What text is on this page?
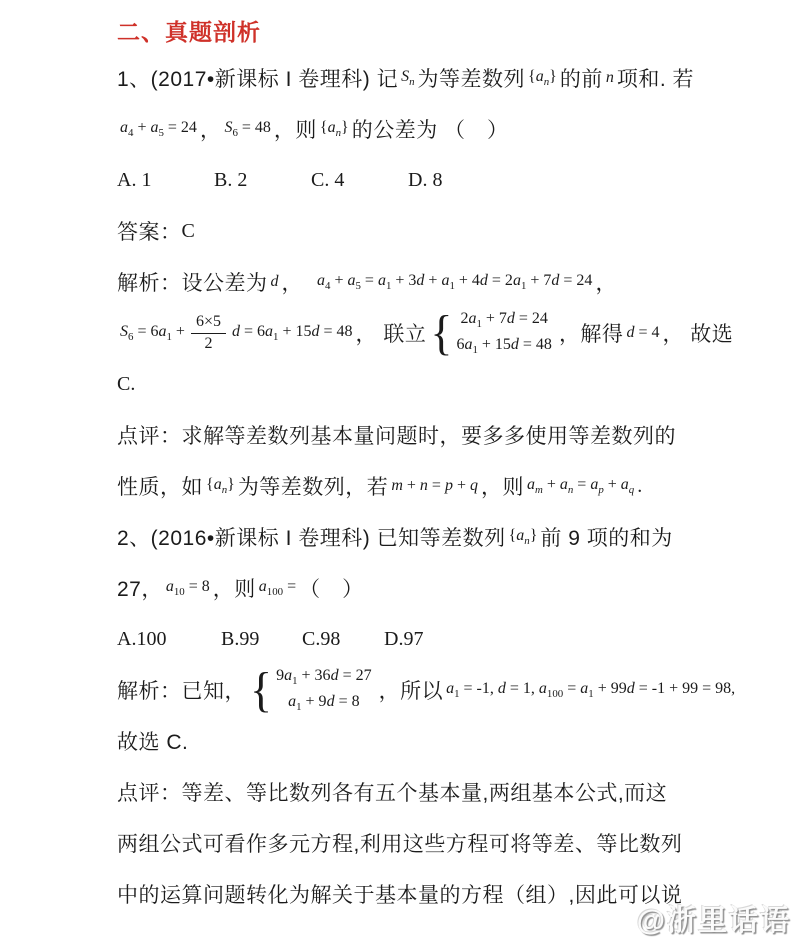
二、真题剖析
1、(2017•新课标 I 卷理科) 记 $S_n$ 为等差数列 $\{a_n\}$ 的前 n 项和. 若
$a_4 + a_5 = 24$ ， $S_6 = 48$ ，则 $\{a_n\}$ 的公差为 （　）
A. 1	B. 2	C. 4	D. 8
答案： C
解析：设公差为 d ， $a_4 + a_5 = a_1 + 3d + a_1 + 4d = 2a_1 + 7d = 24$ ，
$S_6 = 6a_1 + \frac{6\times 5}{2}$ $d = 6a_1 + 15d = 48$ ， 联立 { $2a_1 + 7d = 24$
$6a_1 + 15d = 48$ ，解得 d = 4 ， 故选
C.
点评：求解等差数列基本量问题时，要多多使用等差数列的
性质，如 $\{a_n\}$ 为等差数列，若 m + n = p + q ，则 $a_m + a_n = a_p + a_q$ .
2、(2016•新课标 I 卷理科) 已知等差数列 $\{a_n\}$ 前 9 项的和为
27， $a_{10} = 8$ ，则 $a_{100}$ = （　）
A.100	B.99	C.98	D.97
解析：已知， { $9a_1 + 36d = 27$
$a_1 + 9d = 8$ ，所以 $a_1 = -1$, d = 1, $a_{100} = a_1 + 99d = -1 + 99 = 98$,
故选 C.
点评：等差、等比数列各有五个基本量,两组基本公式,而这
两组公式可看作多元方程,利用这些方程可将等差、等比数列
中的运算问题转化为解关于基本量的方程（组）,因此可以说
@浙里话语
